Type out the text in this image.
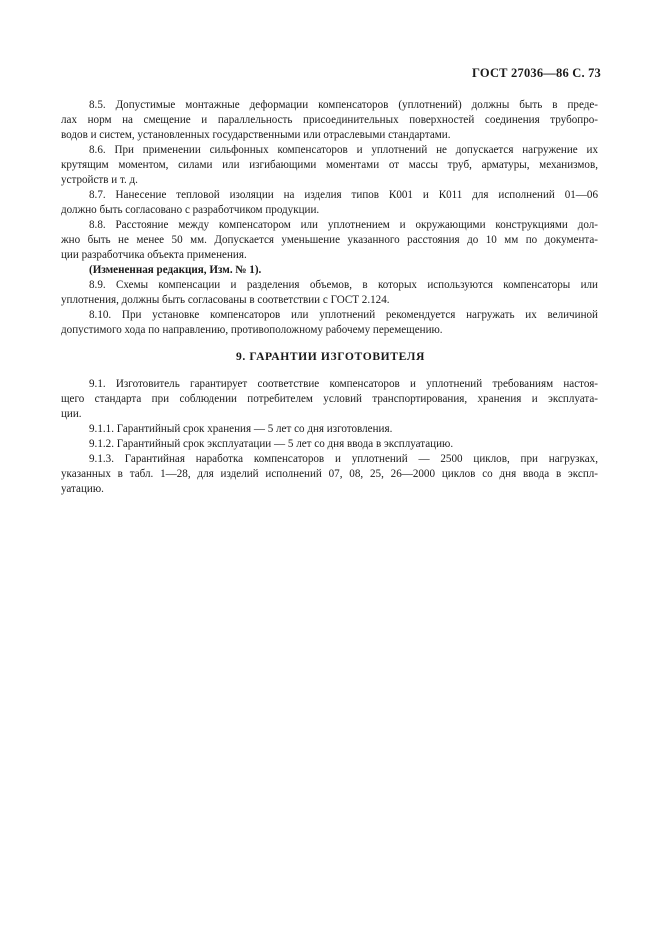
ГОСТ 27036—86 С. 73
8.5. Допустимые монтажные деформации компенсаторов (уплотнений) должны быть в преде-
лах норм на смещение и параллельность присоединительных поверхностей соединения трубопро-
водов и систем, установленных государственными или отраслевыми стандартами.
8.6. При применении сильфонных компенсаторов и уплотнений не допускается нагружение их
крутящим моментом, силами или изгибающими моментами от массы труб, арматуры, механизмов,
устройств и т. д.
8.7. Нанесение тепловой изоляции на изделия типов К001 и К011 для исполнений 01—06
должно быть согласовано с разработчиком продукции.
8.8. Расстояние между компенсатором или уплотнением и окружающими конструкциями дол-
жно быть не менее 50 мм. Допускается уменьшение указанного расстояния до 10 мм по документа-
ции разработчика объекта применения.
(Измененная редакция, Изм. № 1).
8.9. Схемы компенсации и разделения объемов, в которых используются компенсаторы или
уплотнения, должны быть согласованы в соответствии с ГОСТ 2.124.
8.10. При установке компенсаторов или уплотнений рекомендуется нагружать их величиной
допустимого хода по направлению, противоположному рабочему перемещению.
9. ГАРАНТИИ ИЗГОТОВИТЕЛЯ
9.1. Изготовитель гарантирует соответствие компенсаторов и уплотнений требованиям настоя-
щего стандарта при соблюдении потребителем условий транспортирования, хранения и эксплуата-
ции.
9.1.1. Гарантийный срок хранения — 5 лет со дня изготовления.
9.1.2. Гарантийный срок эксплуатации — 5 лет со дня ввода в эксплуатацию.
9.1.3. Гарантийная наработка компенсаторов и уплотнений — 2500 циклов, при нагрузках,
указанных в табл. 1—28, для изделий исполнений 07, 08, 25, 26—2000 циклов со дня ввода в экспл-
уатацию.
